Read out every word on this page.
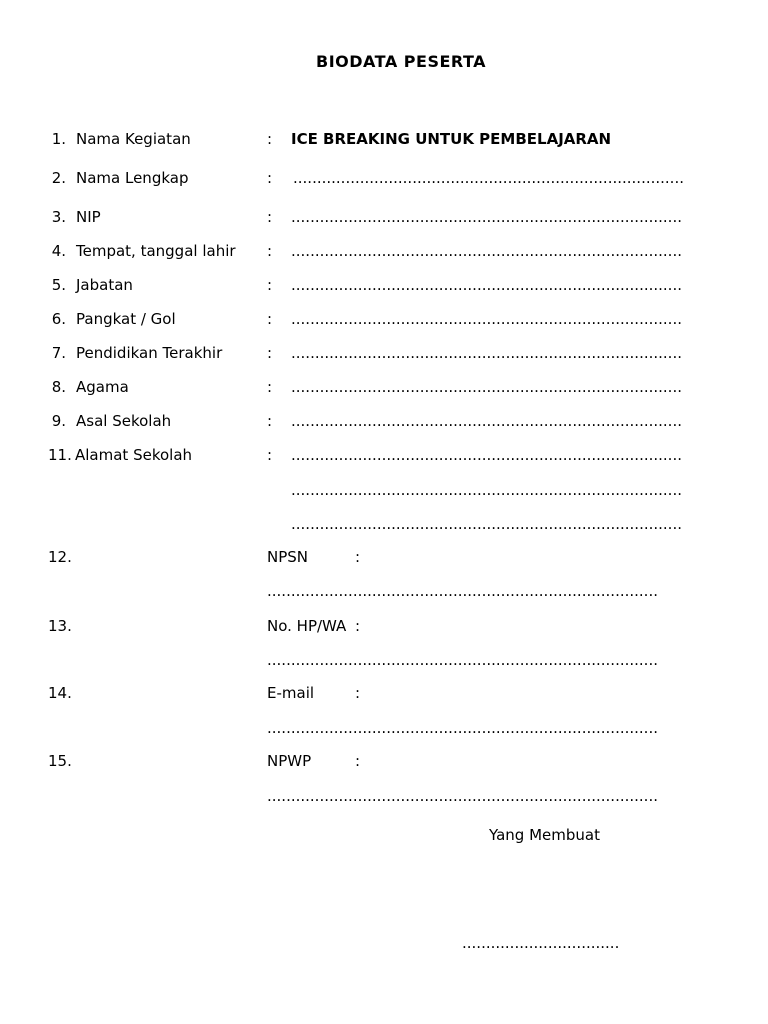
BIODATA PESERTA
1. Nama Kegiatan	: ICE BREAKING UNTUK PEMBELAJARAN
2. Nama Lengkap	: ..................................................................................
3. NIP	: ..................................................................................
4. Tempat, tanggal lahir : ..................................................................................
5. Jabatan	: ..................................................................................
6. Pangkat / Gol	: ..................................................................................
7. Pendidikan Terakhir	: ..................................................................................
8. Agama	: ..................................................................................
9. Asal Sekolah	: ..................................................................................
11. Alamat Sekolah	: ..................................................................................
..................................................................................
..................................................................................
12.	NPSN	:
..................................................................................
13.	No. HP/WA :
..................................................................................
14.	E-mail	:
..................................................................................
15.	NPWP	:
..................................................................................
Yang Membuat
.................................
